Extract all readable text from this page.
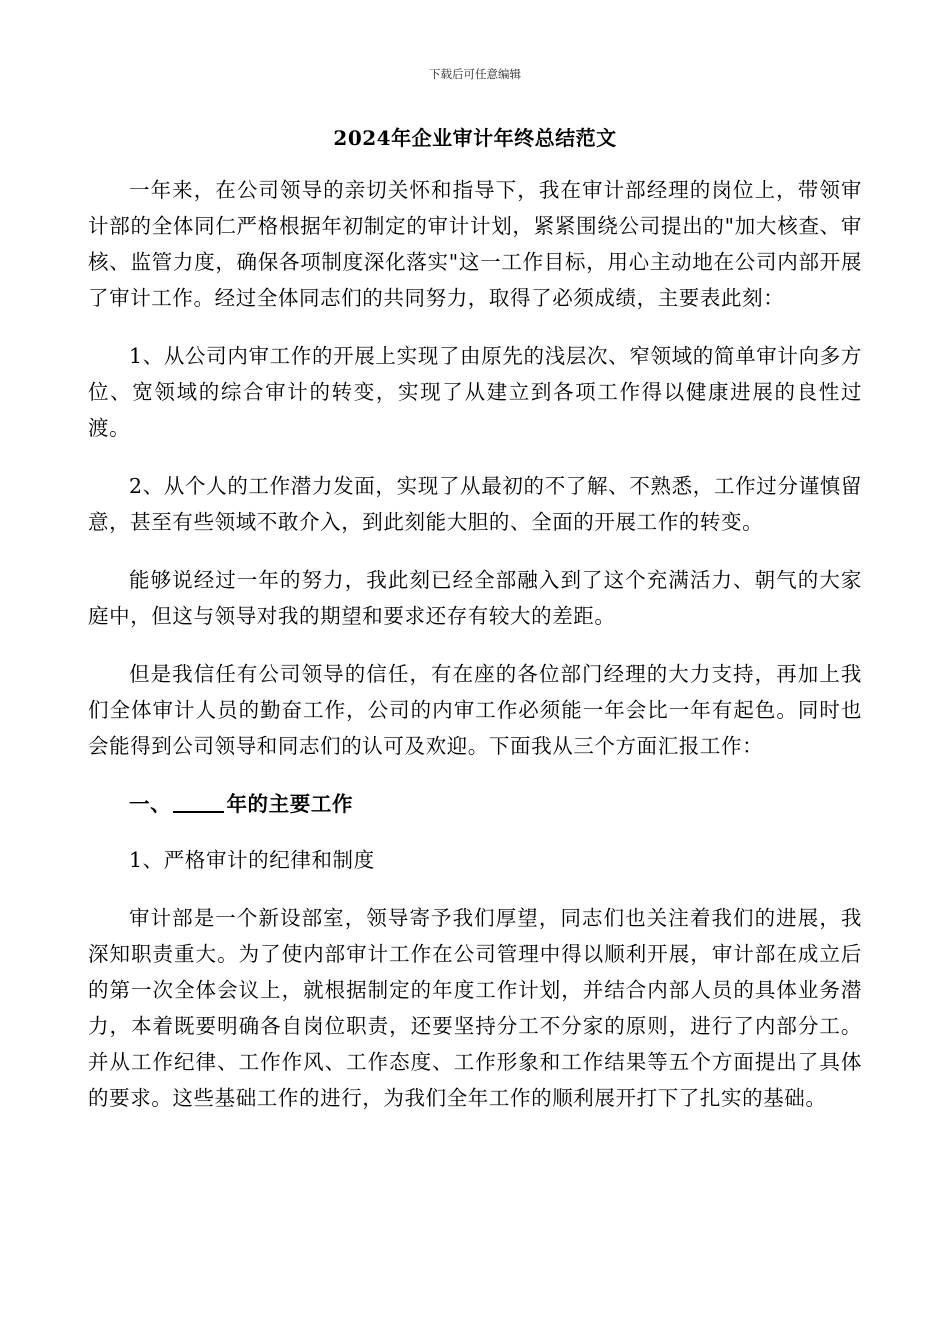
下载后可任意编辑
2024年企业审计年终总结范文

一年来，在公司领导的亲切关怀和指导下，我在审计部经理的岗位上，带领审计部的全体同仁严格根据年初制定的审计计划，紧紧围绕公司提出的"加大核查、审核、监管力度，确保各项制度深化落实"这一工作目标，用心主动地在公司内部开展了审计工作。经过全体同志们的共同努力，取得了必须成绩，主要表此刻：

1、从公司内审工作的开展上实现了由原先的浅层次、窄领域的简单审计向多方位、宽领域的综合审计的转变，实现了从建立到各项工作得以健康进展的良性过渡。

2、从个人的工作潜力发面，实现了从最初的不了解、不熟悉，工作过分谨慎留意，甚至有些领域不敢介入，到此刻能大胆的、全面的开展工作的转变。

能够说经过一年的努力，我此刻已经全部融入到了这个充满活力、朝气的大家庭中，但这与领导对我的期望和要求还存有较大的差距。

但是我信任有公司领导的信任，有在座的各位部门经理的大力支持，再加上我们全体审计人员的勤奋工作，公司的内审工作必须能一年会比一年有起色。同时也会能得到公司领导和同志们的认可及欢迎。下面我从三个方面汇报工作：

一、	年的主要工作

1、严格审计的纪律和制度

审计部是一个新设部室，领导寄予我们厚望，同志们也关注着我们的进展，我深知职责重大。为了使内部审计工作在公司管理中得以顺利开展，审计部在成立后的第一次全体会议上，就根据制定的年度工作计划，并结合内部人员的具体业务潜力，本着既要明确各自岗位职责，还要坚持分工不分家的原则，进行了内部分工。并从工作纪律、工作作风、工作态度、工作形象和工作结果等五个方面提出了具体的要求。这些基础工作的进行，为我们全年工作的顺利展开打下了扎实的基础。
